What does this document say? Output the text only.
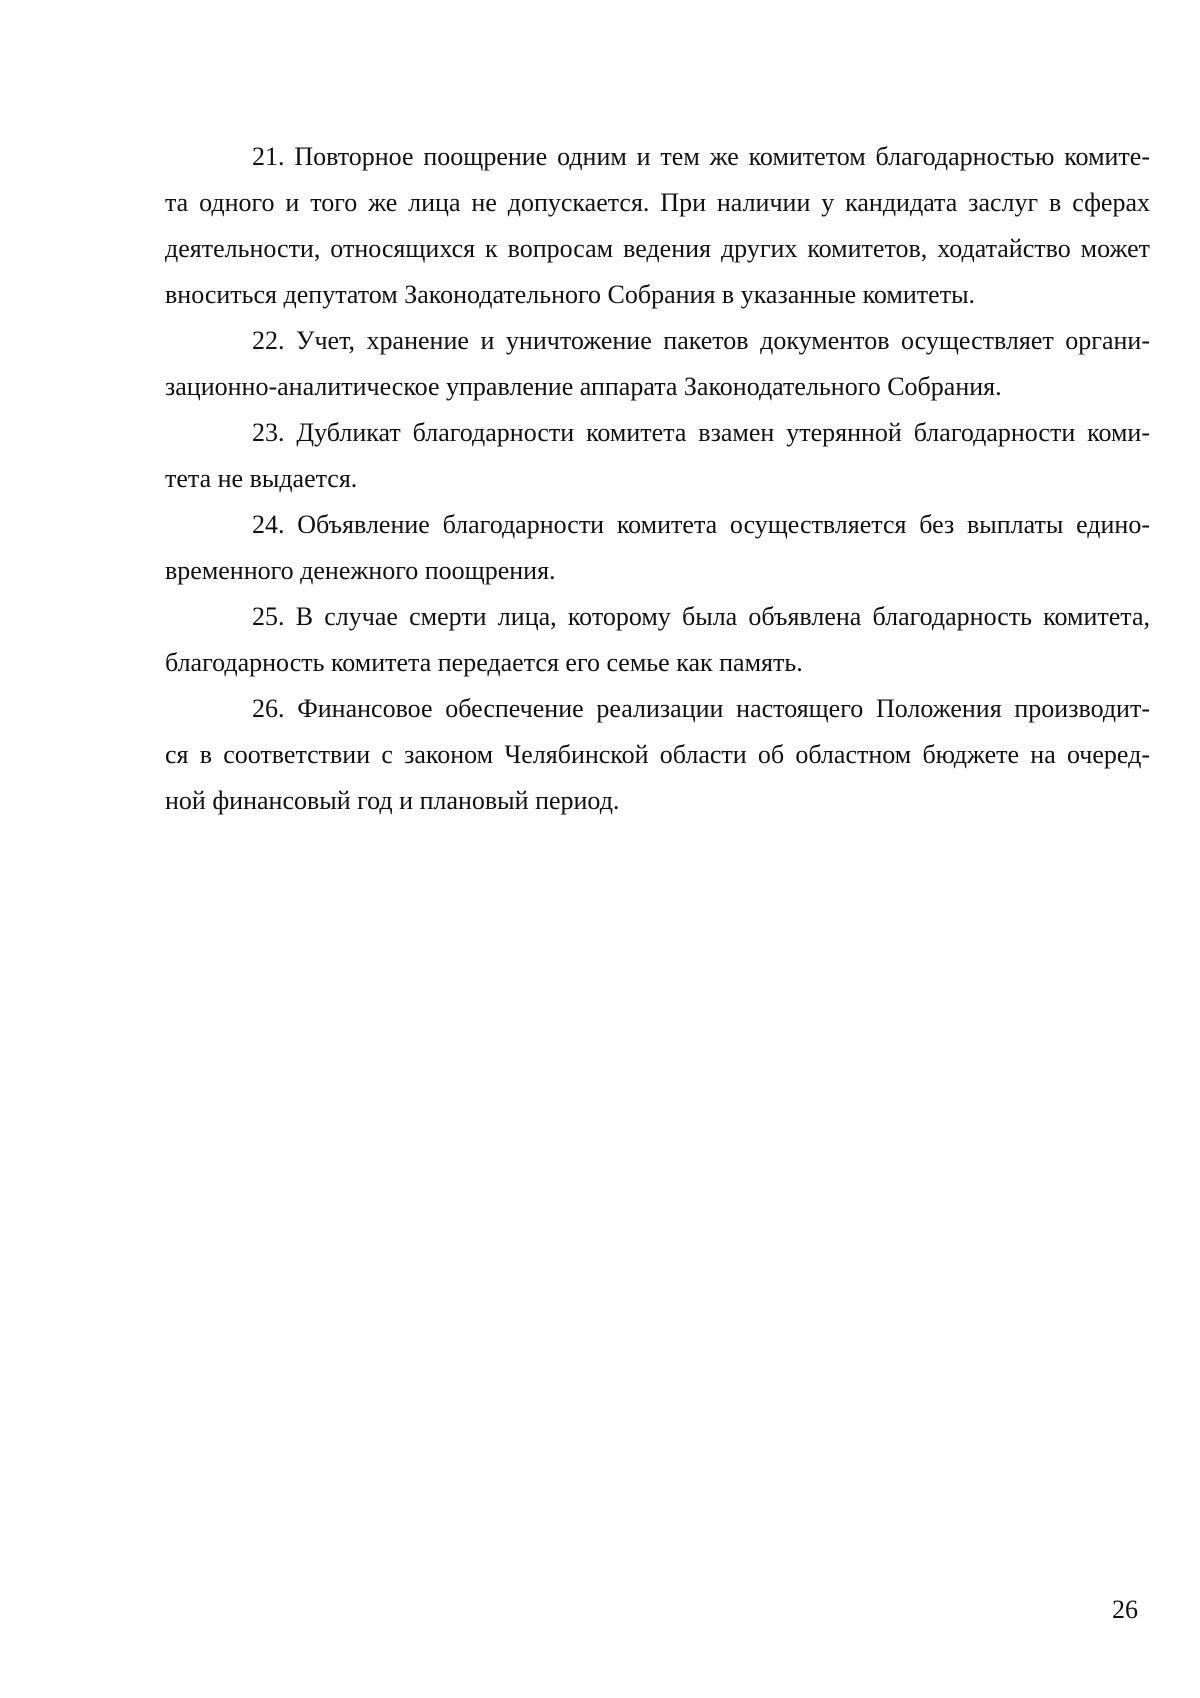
21. Повторное поощрение одним и тем же комитетом благодарностью комите-
та одного и того же лица не допускается. При наличии у кандидата заслуг в сферах
деятельности, относящихся к вопросам ведения других комитетов, ходатайство может
вноситься депутатом Законодательного Собрания в указанные комитеты.
22. Учет, хранение и уничтожение пакетов документов осуществляет органи-
зационно-аналитическое управление аппарата Законодательного Собрания.
23. Дубликат благодарности комитета взамен утерянной благодарности коми-
тета не выдается.
24. Объявление благодарности комитета осуществляется без выплаты едино-
временного денежного поощрения.
25. В случае смерти лица, которому была объявлена благодарность комитета,
благодарность комитета передается его семье как память.
26. Финансовое обеспечение реализации настоящего Положения производит-
ся в соответствии с законом Челябинской области об областном бюджете на очеред-
ной финансовый год и плановый период.
26
